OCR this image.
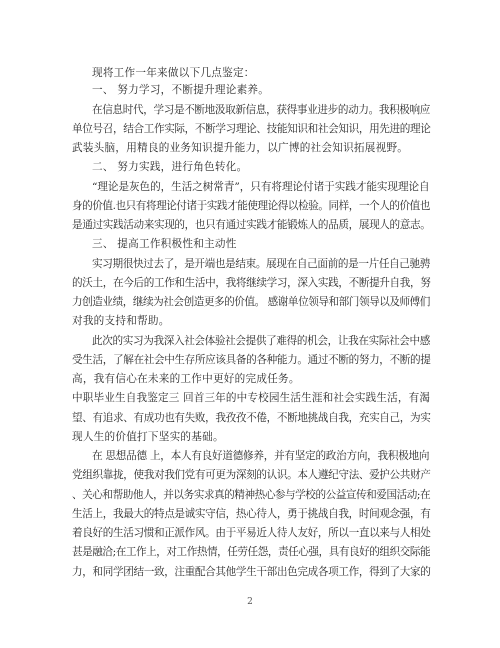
现将工作一年来做以下几点鉴定：
一、 努力学习，不断提升理论素养。
在信息时代，学习是不断地汲取新信息，获得事业进步的动力。我积极响应
单位号召，结合工作实际，不断学习理论、技能知识和社会知识，用先进的理论
武装头脑，用精良的业务知识提升能力，以广博的社会知识拓展视野。
二、 努力实践，进行角色转化。
“理论是灰色的，生活之树常青”，只有将理论付诸于实践才能实现理论自
身的价值.也只有将理论付诸于实践才能使理论得以检验。同样，一个人的价值也
是通过实践活动来实现的，也只有通过实践才能锻炼人的品质，展现人的意志。
三、 提高工作积极性和主动性
实习期很快过去了，是开端也是结束。展现在自己面前的是一片任自己驰骋
的沃土，在今后的工作和生活中，我将继续学习，深入实践，不断提升自我，努
力创造业绩，继续为社会创造更多的价值。 感谢单位领导和部门领导以及师傅们
对我的支持和帮助。
此次的实习为我深入社会体验社会提供了难得的机会，让我在实际社会中感
受生活，了解在社会中生存所应该具备的各种能力。通过不断的努力，不断的提
高，我有信心在未来的工作中更好的完成任务。
中职毕业生自我鉴定三 回首三年的中专校园生活生涯和社会实践生活，有渴
望、有追求、有成功也有失败，我孜孜不倦，不断地挑战自我，充实自己，为实
现人生的价值打下坚实的基础。
在 思想品德 上，本人有良好道德修养，并有坚定的政治方向，我积极地向
党组织靠拢，使我对我们党有可更为深刻的认识。本人遵纪守法、爱护公共财产
、关心和帮助他人，并以务实求真的精神热心参与学校的公益宣传和爱国活动;在
生活上，我最大的特点是诚实守信，热心待人，勇于挑战自我，时间观念强，有
着良好的生活习惯和正派作风。由于平易近人待人友好，所以一直以来与人相处
甚是融洽;在工作上，对工作热情，任劳任怨，责任心强，具有良好的组织交际能
力，和同学团结一致，注重配合其他学生干部出色完成各项工作，得到了大家的
2
